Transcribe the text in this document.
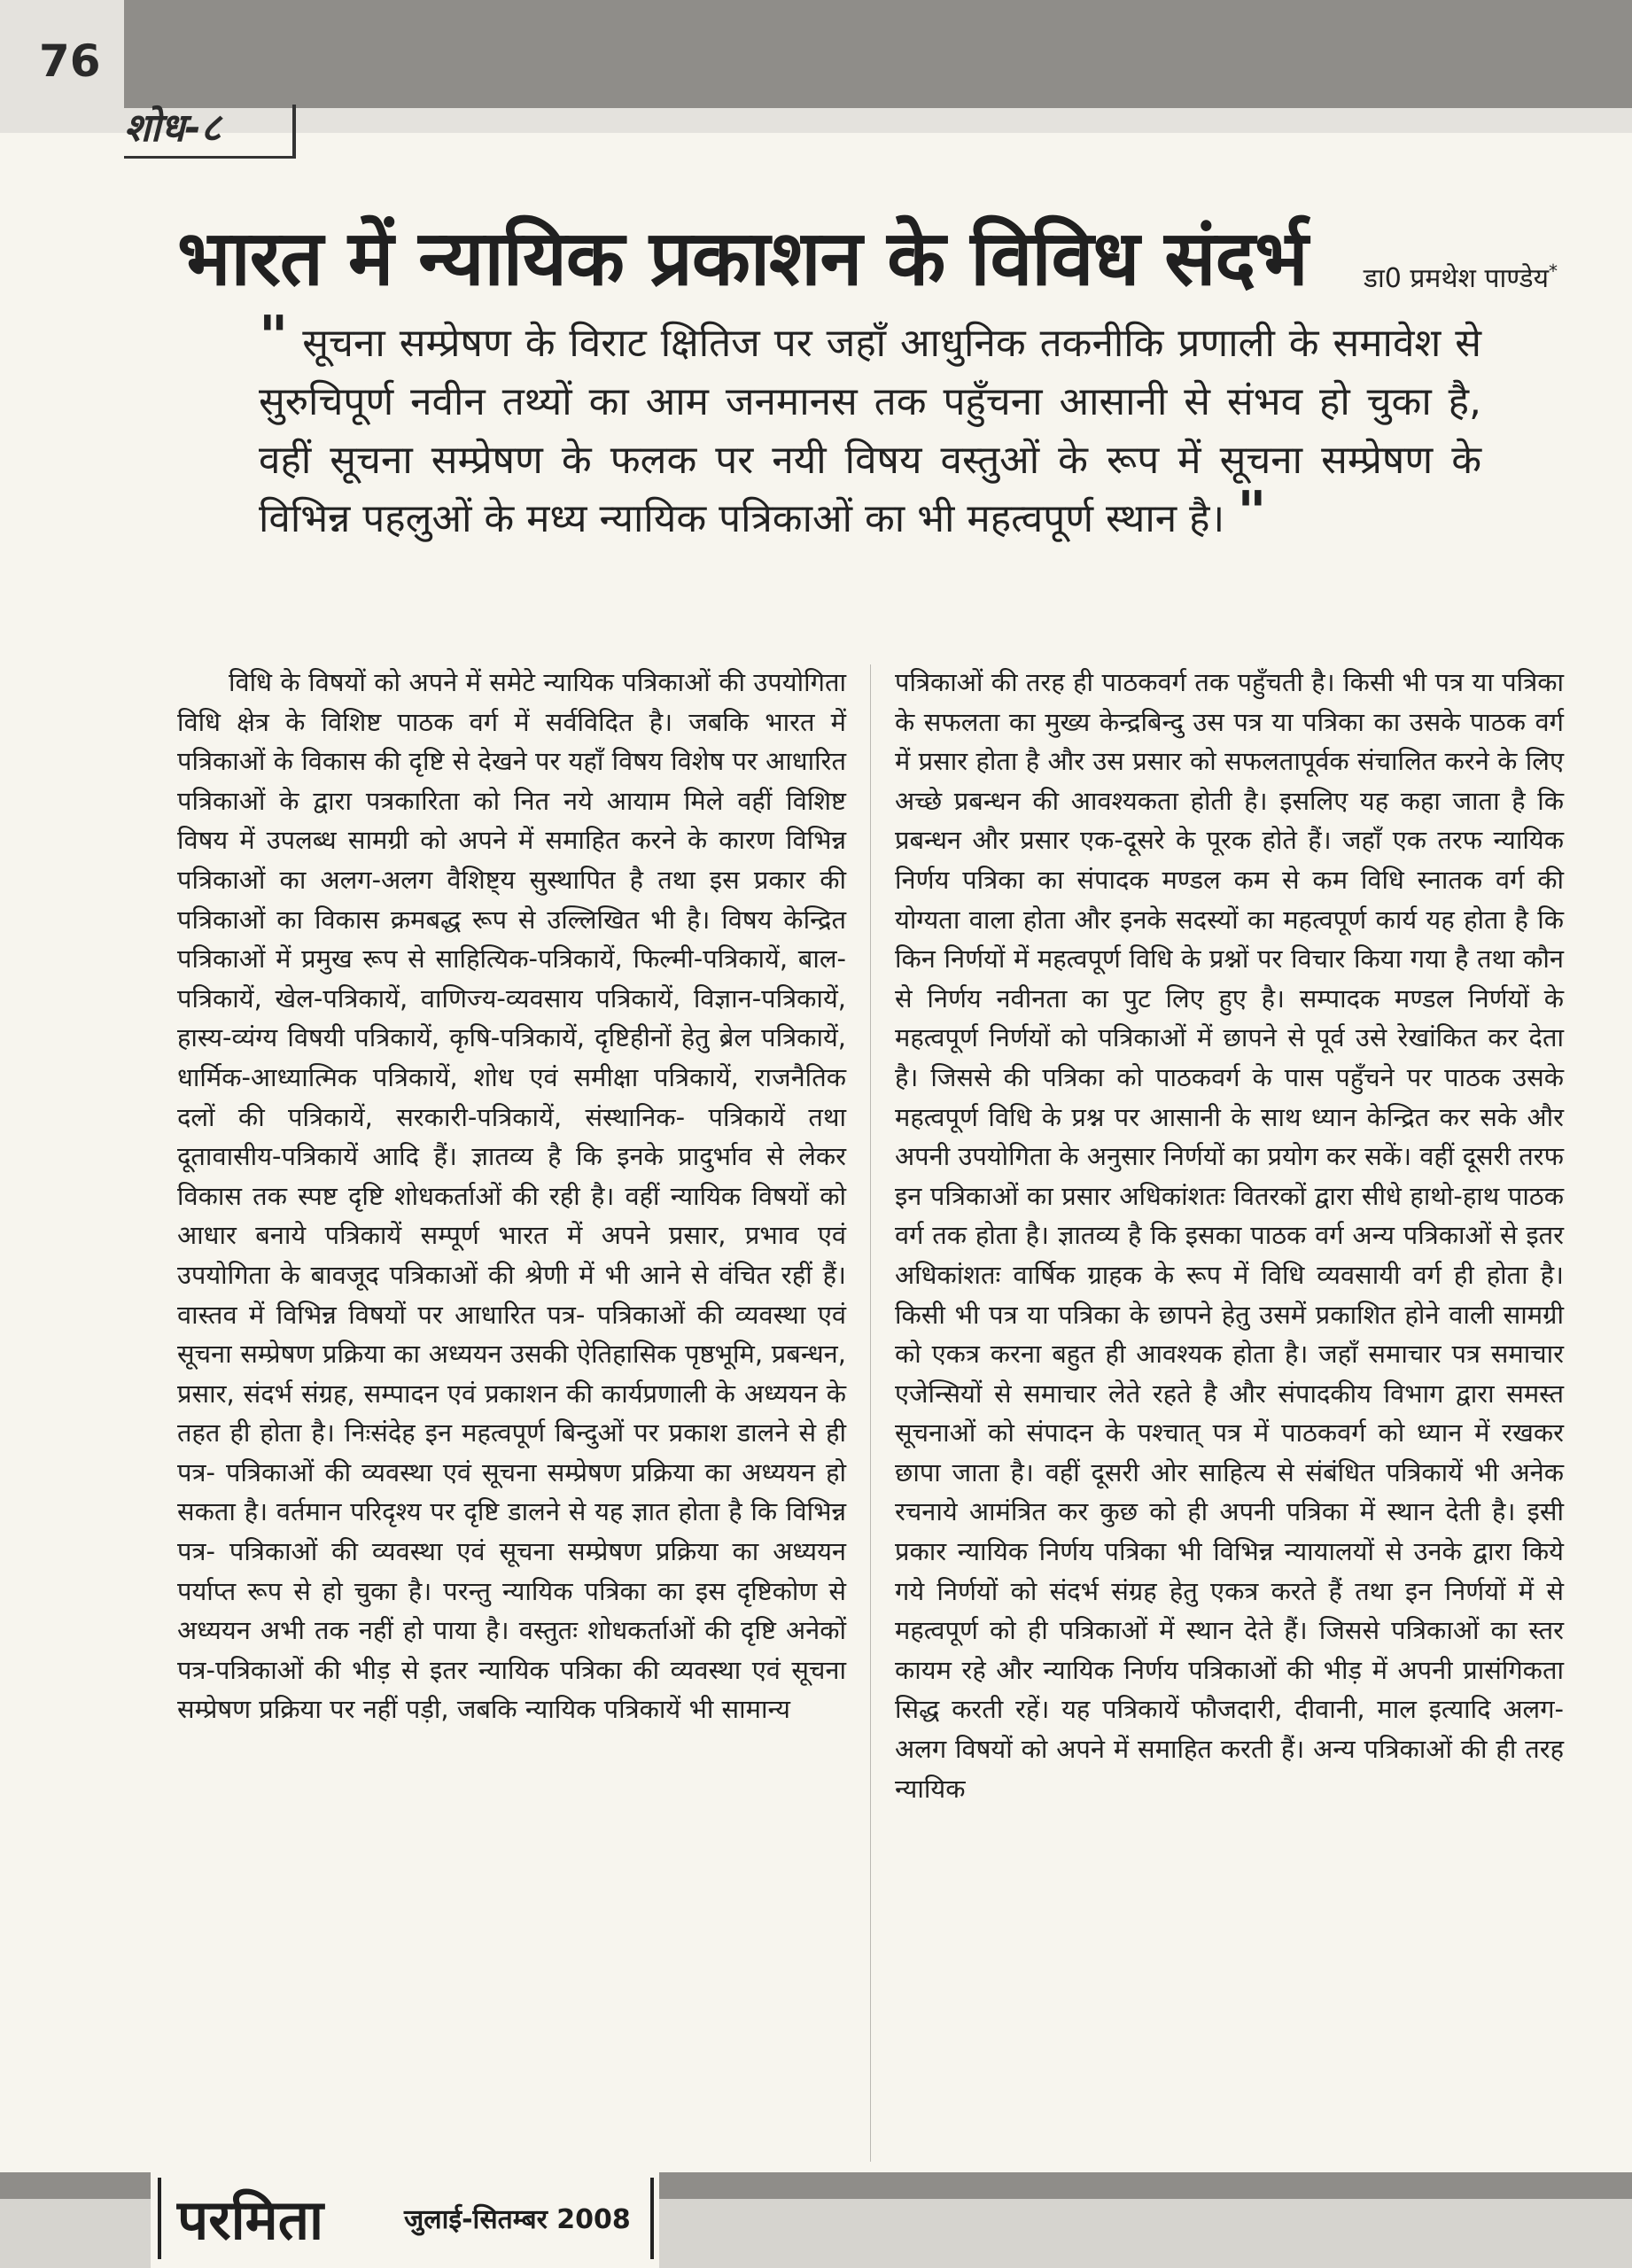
76
शोध-८
भारत में न्यायिक प्रकाशन के विविध संदर्भ	डा0 प्रमथेश पाण्डेय*
" सूचना सम्प्रेषण के विराट क्षितिज पर जहाँ आधुनिक तकनीकि प्रणाली के समावेश से सुरुचिपूर्ण नवीन तथ्यों का आम जनमानस तक पहुँचना आसानी से संभव हो चुका है, वहीं सूचना सम्प्रेषण के फलक पर नयी विषय वस्तुओं के रूप में सूचना सम्प्रेषण के विभिन्न पहलुओं के मध्य न्यायिक पत्रिकाओं का भी महत्वपूर्ण स्थान है। "

विधि के विषयों को अपने में समेटे न्यायिक पत्रिकाओं की उपयोगिता विधि क्षेत्र के विशिष्ट पाठक वर्ग में सर्वविदित है। जबकि भारत में पत्रिकाओं के विकास की दृष्टि से देखने पर यहाँ विषय विशेष पर आधारित पत्रिकाओं के द्वारा पत्रकारिता को नित नये आयाम मिले वहीं विशिष्ट विषय में उपलब्ध सामग्री को अपने में समाहित करने के कारण विभिन्न पत्रिकाओं का अलग-अलग वैशिष्ट्य सुस्थापित है तथा इस प्रकार की पत्रिकाओं का विकास क्रमबद्ध रूप से उल्लिखित भी है। विषय केन्द्रित पत्रिकाओं में प्रमुख रूप से साहित्यिक-पत्रिकायें, फिल्मी-पत्रिकायें, बाल-पत्रिकायें, खेल-पत्रिकायें, वाणिज्य-व्यवसाय पत्रिकायें, विज्ञान-पत्रिकायें, हास्य-व्यंग्य विषयी पत्रिकायें, कृषि-पत्रिकायें, दृष्टिहीनों हेतु ब्रेल पत्रिकायें, धार्मिक-आध्यात्मिक पत्रिकायें, शोध एवं समीक्षा पत्रिकायें, राजनैतिक दलों की पत्रिकायें, सरकारी-पत्रिकायें, संस्थानिक- पत्रिकायें तथा दूतावासीय-पत्रिकायें आदि हैं। ज्ञातव्य है कि इनके प्रादुर्भाव से लेकर विकास तक स्पष्ट दृष्टि शोधकर्ताओं की रही है। वहीं न्यायिक विषयों को आधार बनाये पत्रिकायें सम्पूर्ण भारत में अपने प्रसार, प्रभाव एवं उपयोगिता के बावजूद पत्रिकाओं की श्रेणी में भी आने से वंचित रहीं हैं। वास्तव में विभिन्न विषयों पर आधारित पत्र- पत्रिकाओं की व्यवस्था एवं सूचना सम्प्रेषण प्रक्रिया का अध्ययन उसकी ऐतिहासिक पृष्ठभूमि, प्रबन्धन, प्रसार, संदर्भ संग्रह, सम्पादन एवं प्रकाशन की कार्यप्रणाली के अध्ययन के तहत ही होता है। निःसंदेह इन महत्वपूर्ण बिन्दुओं पर प्रकाश डालने से ही पत्र- पत्रिकाओं की व्यवस्था एवं सूचना सम्प्रेषण प्रक्रिया का अध्ययन हो सकता है। वर्तमान परिदृश्य पर दृष्टि डालने से यह ज्ञात होता है कि विभिन्न पत्र- पत्रिकाओं की व्यवस्था एवं सूचना सम्प्रेषण प्रक्रिया का अध्ययन पर्याप्त रूप से हो चुका है। परन्तु न्यायिक पत्रिका का इस दृष्टिकोण से अध्ययन अभी तक नहीं हो पाया है। वस्तुतः शोधकर्ताओं की दृष्टि अनेकों पत्र-पत्रिकाओं की भीड़ से इतर न्यायिक पत्रिका की व्यवस्था एवं सूचना सम्प्रेषण प्रक्रिया पर नहीं पड़ी, जबकि न्यायिक पत्रिकायें भी सामान्य

पत्रिकाओं की तरह ही पाठकवर्ग तक पहुँचती है। किसी भी पत्र या पत्रिका के सफलता का मुख्य केन्द्रबिन्दु उस पत्र या पत्रिका का उसके पाठक वर्ग में प्रसार होता है और उस प्रसार को सफलतापूर्वक संचालित करने के लिए अच्छे प्रबन्धन की आवश्यकता होती है। इसलिए यह कहा जाता है कि प्रबन्धन और प्रसार एक-दूसरे के पूरक होते हैं। जहाँ एक तरफ न्यायिक निर्णय पत्रिका का संपादक मण्डल कम से कम विधि स्नातक वर्ग की योग्यता वाला होता और इनके सदस्यों का महत्वपूर्ण कार्य यह होता है कि किन निर्णयों में महत्वपूर्ण विधि के प्रश्नों पर विचार किया गया है तथा कौन से निर्णय नवीनता का पुट लिए हुए है। सम्पादक मण्डल निर्णयों के महत्वपूर्ण निर्णयों को पत्रिकाओं में छापने से पूर्व उसे रेखांकित कर देता है। जिससे की पत्रिका को पाठकवर्ग के पास पहुँचने पर पाठक उसके महत्वपूर्ण विधि के प्रश्न पर आसानी के साथ ध्यान केन्द्रित कर सके और अपनी उपयोगिता के अनुसार निर्णयों का प्रयोग कर सकें। वहीं दूसरी तरफ इन पत्रिकाओं का प्रसार अधिकांशतः वितरकों द्वारा सीधे हाथो-हाथ पाठक वर्ग तक होता है। ज्ञातव्य है कि इसका पाठक वर्ग अन्य पत्रिकाओं से इतर अधिकांशतः वार्षिक ग्राहक के रूप में विधि व्यवसायी वर्ग ही होता है। किसी भी पत्र या पत्रिका के छापने हेतु उसमें प्रकाशित होने वाली सामग्री को एकत्र करना बहुत ही आवश्यक होता है। जहाँ समाचार पत्र समाचार एजेन्सियों से समाचार लेते रहते है और संपादकीय विभाग द्वारा समस्त सूचनाओं को संपादन के पश्चात् पत्र में पाठकवर्ग को ध्यान में रखकर छापा जाता है। वहीं दूसरी ओर साहित्य से संबंधित पत्रिकायें भी अनेक रचनाये आमंत्रित कर कुछ को ही अपनी पत्रिका में स्थान देती है। इसी प्रकार न्यायिक निर्णय पत्रिका भी विभिन्न न्यायालयों से उनके द्वारा किये गये निर्णयों को संदर्भ संग्रह हेतु एकत्र करते हैं तथा इन निर्णयों में से महत्वपूर्ण को ही पत्रिकाओं में स्थान देते हैं। जिससे पत्रिकाओं का स्तर कायम रहे और न्यायिक निर्णय पत्रिकाओं की भीड़ में अपनी प्रासंगिकता सिद्ध करती रहें। यह पत्रिकायें फौजदारी, दीवानी, माल इत्यादि अलग-अलग विषयों को अपने में समाहित करती हैं। अन्य पत्रिकाओं की ही तरह न्यायिक

परमिता	जुलाई-सितम्बर 2008
